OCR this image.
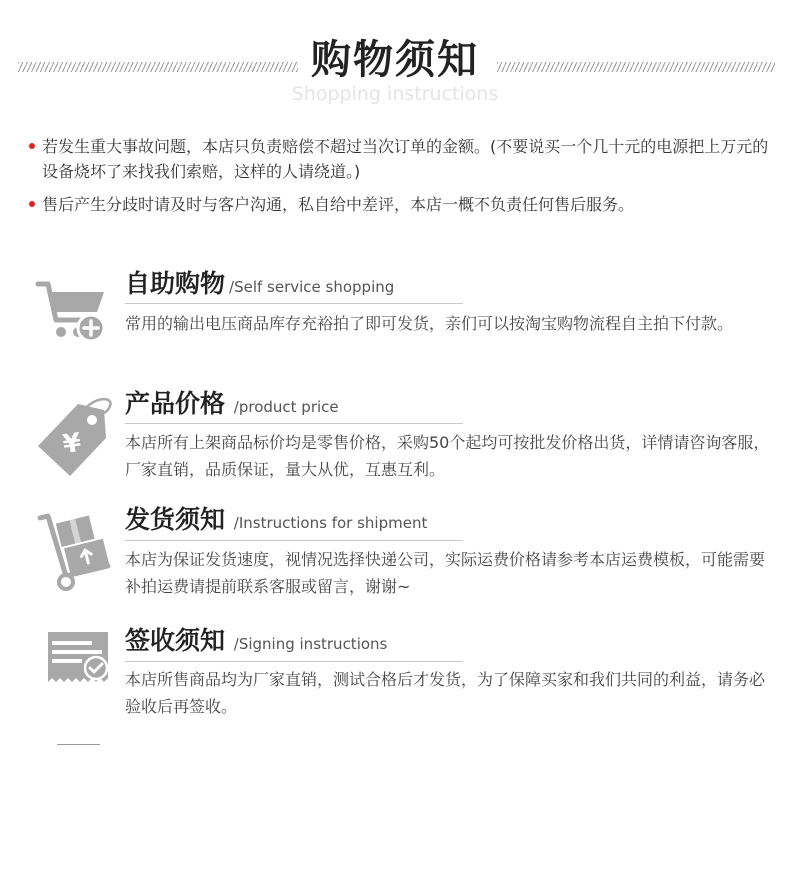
购物须知
Shopping instructions
若发生重大事故问题，本店只负责赔偿不超过当次订单的金额。(不要说买一个几十元的电源把上万元的设备烧坏了来找我们索赔，这样的人请绕道。)
售后产生分歧时请及时与客户沟通，私自给中差评，本店一概不负责任何售后服务。
自助购物 /Self service shopping
常用的输出电压商品库存充裕拍了即可发货，亲们可以按淘宝购物流程自主拍下付款。
¥
产品价格 /product price
本店所有上架商品标价均是零售价格，采购50个起均可按批发价格出货，详情请咨询客服，厂家直销，品质保证，量大从优，互惠互利。
发货须知 /Instructions for shipment
本店为保证发货速度，视情况选择快递公司，实际运费价格请参考本店运费模板，可能需要补拍运费请提前联系客服或留言，谢谢~
签收须知 /Signing instructions
本店所售商品均为厂家直销，测试合格后才发货，为了保障买家和我们共同的利益，请务必验收后再签收。
